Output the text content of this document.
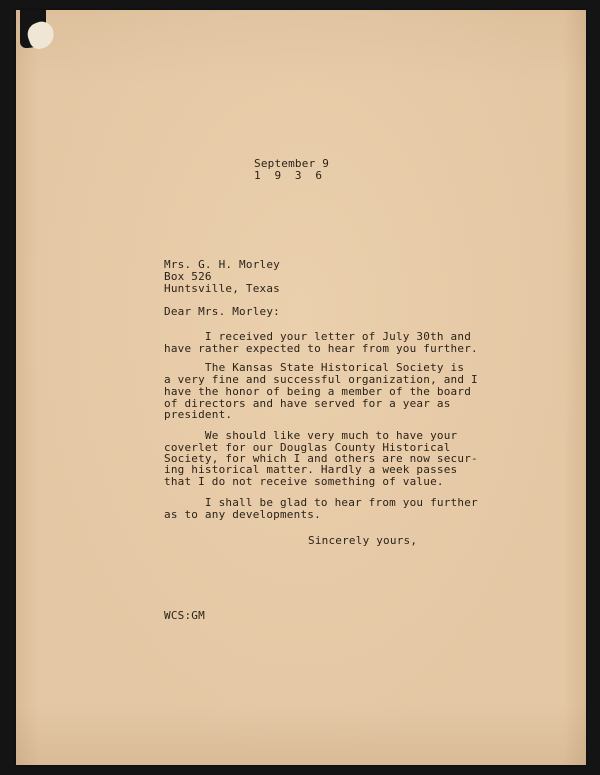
September 9
1  9  3  6
Mrs. G. H. Morley
Box 526
Huntsville, Texas
Dear Mrs. Morley:
I received your letter of July 30th and
have rather expected to hear from you further.
The Kansas State Historical Society is
a very fine and successful organization, and I
have the honor of being a member of the board
of directors and have served for a year as
president.
We should like very much to have your
coverlet for our Douglas County Historical
Society, for which I and others are now secur-
ing historical matter. Hardly a week passes
that I do not receive something of value.
I shall be glad to hear from you further
as to any developments.
Sincerely yours,
WCS:GM
